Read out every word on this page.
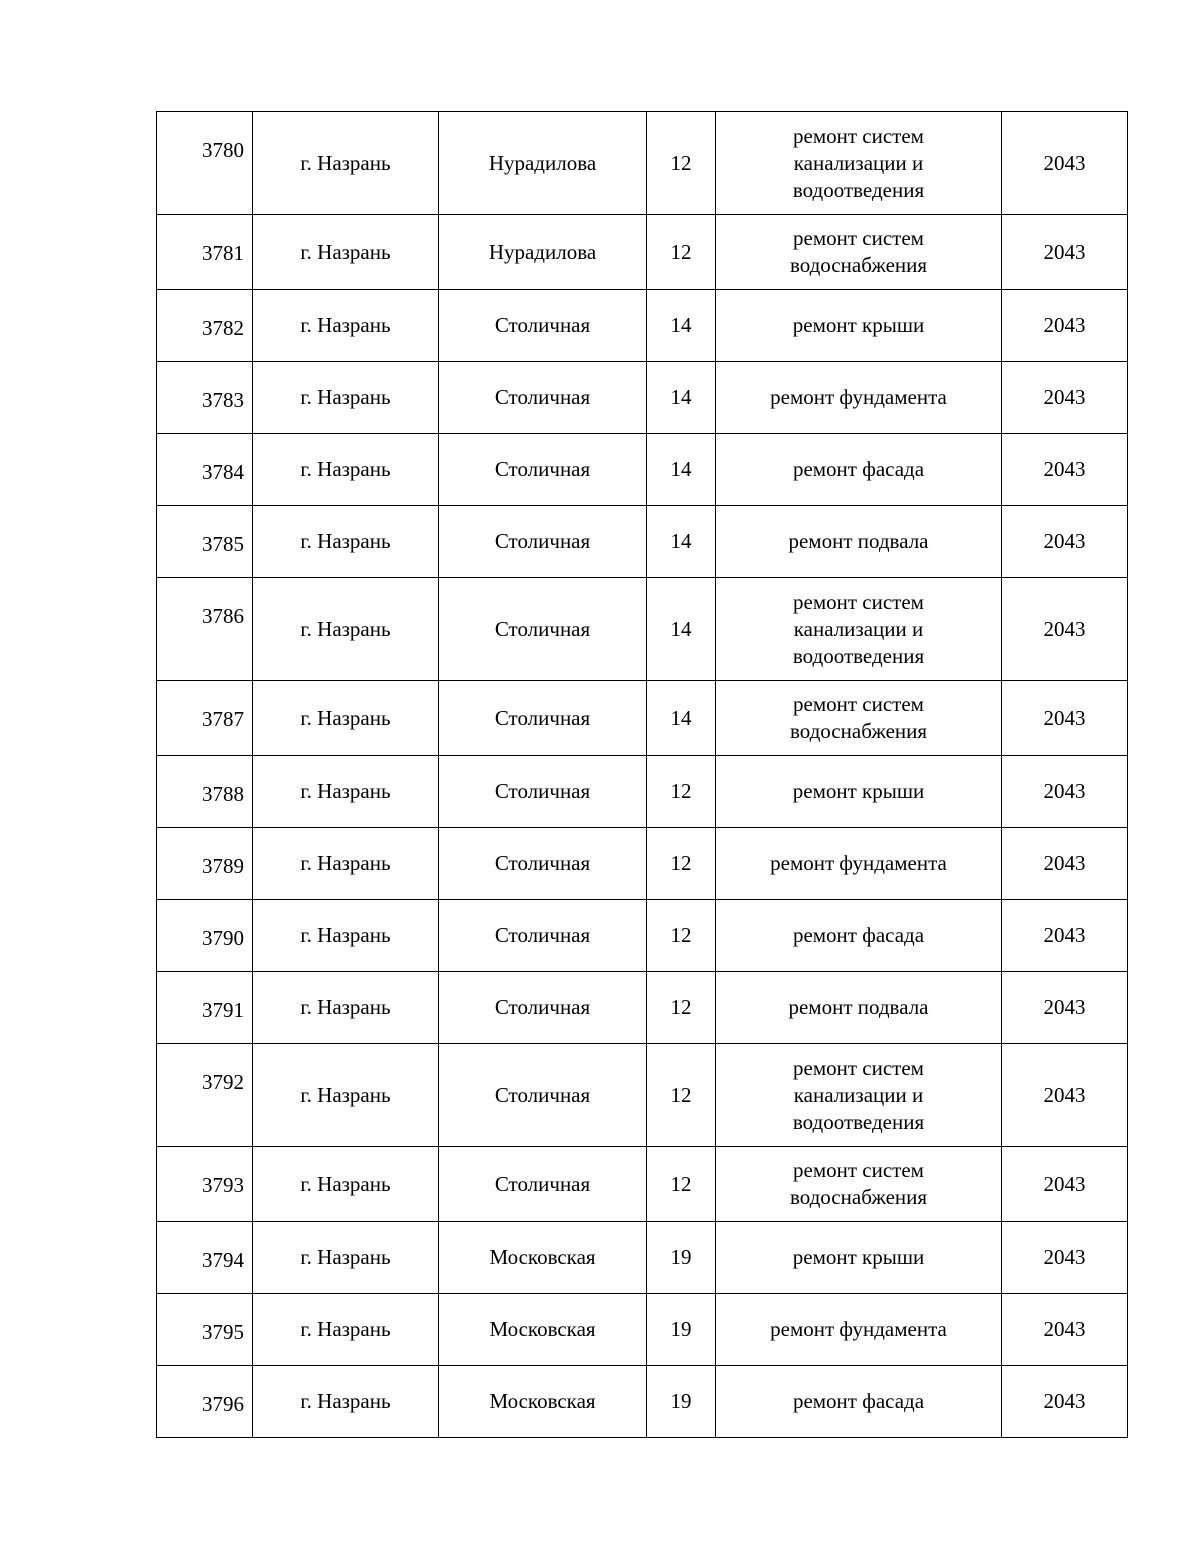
3780	г. Назрань	Нурадилова	12	ремонт систем канализации и водоотведения	2043
3781	г. Назрань	Нурадилова	12	ремонт систем водоснабжения	2043
3782	г. Назрань	Столичная	14	ремонт крыши	2043
3783	г. Назрань	Столичная	14	ремонт фундамента	2043
3784	г. Назрань	Столичная	14	ремонт фасада	2043
3785	г. Назрань	Столичная	14	ремонт подвала	2043
3786	г. Назрань	Столичная	14	ремонт систем канализации и водоотведения	2043
3787	г. Назрань	Столичная	14	ремонт систем водоснабжения	2043
3788	г. Назрань	Столичная	12	ремонт крыши	2043
3789	г. Назрань	Столичная	12	ремонт фундамента	2043
3790	г. Назрань	Столичная	12	ремонт фасада	2043
3791	г. Назрань	Столичная	12	ремонт подвала	2043
3792	г. Назрань	Столичная	12	ремонт систем канализации и водоотведения	2043
3793	г. Назрань	Столичная	12	ремонт систем водоснабжения	2043
3794	г. Назрань	Московская	19	ремонт крыши	2043
3795	г. Назрань	Московская	19	ремонт фундамента	2043
3796	г. Назрань	Московская	19	ремонт фасада	2043
